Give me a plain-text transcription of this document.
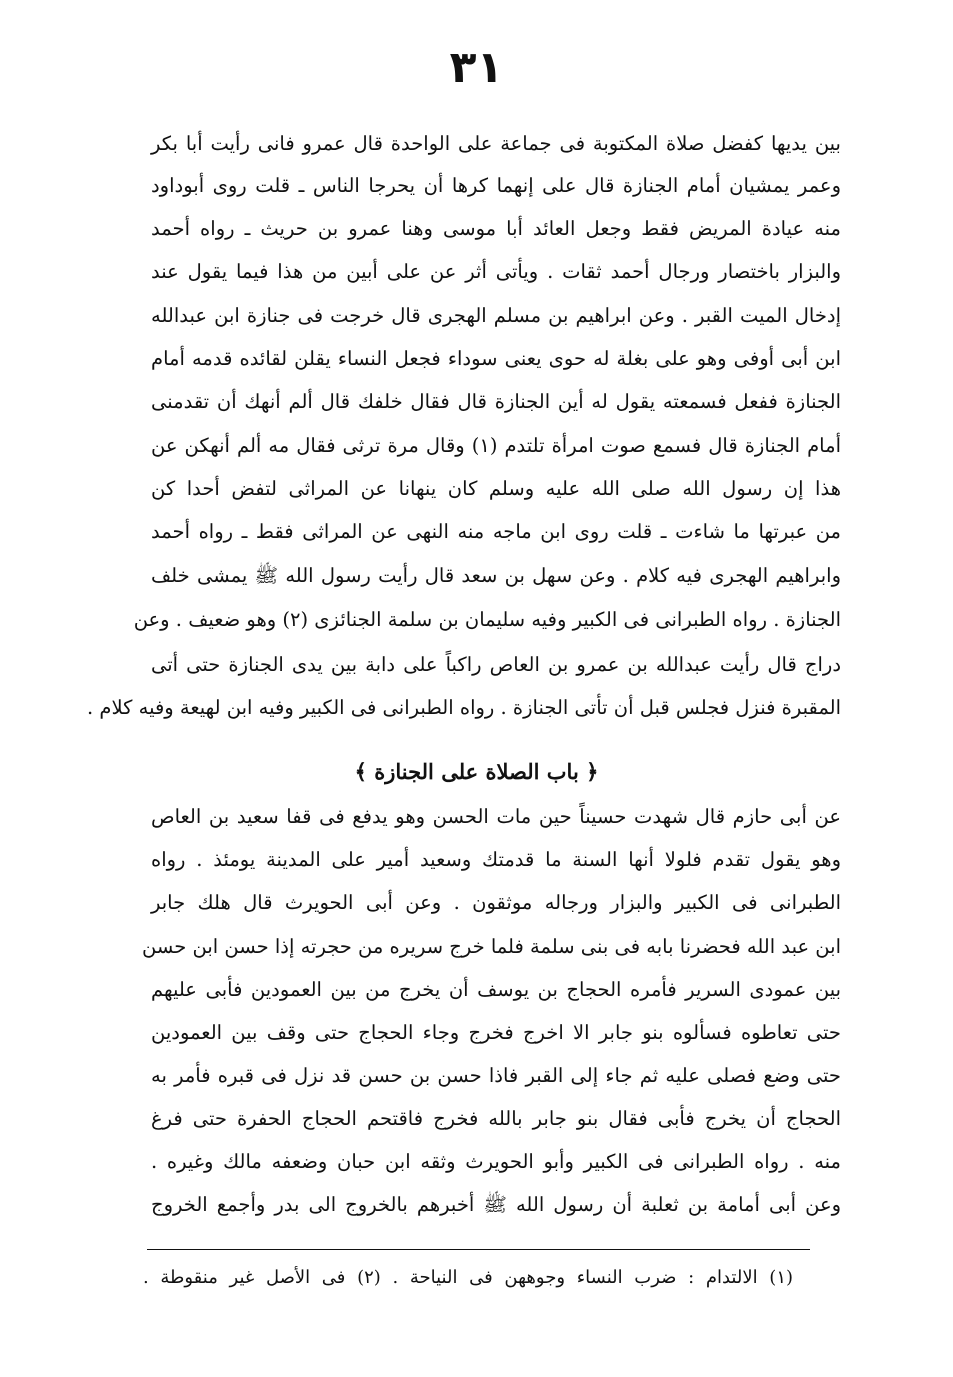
٣١
بين يديها كفضل صلاة المكتوبة فى جماعة على الواحدة قال عمرو فانى رأيت أبا بكر
وعمر يمشيان أمام الجنازة قال على إنهما كرها أن يحرجا الناس ـ قلت روى أبوداود
منه عيادة المريض فقط وجعل العائد أبا موسى وهنا عمرو بن حريث ـ رواه أحمد
والبزار باختصار ورجال أحمد ثقات . ويأتى أثر عن على أبين من هذا فيما يقول عند
إدخال الميت القبر . وعن ابراهيم بن مسلم الهجرى قال خرجت فى جنازة ابن عبدالله
ابن أبى أوفى وهو على بغلة له حوى يعنى سوداء فجعل النساء يقلن لقائده قدمه أمام
الجنازة ففعل فسمعته يقول له أين الجنازة قال فقال خلفك قال ألم أنهك أن تقدمنى
أمام الجنازة قال فسمع صوت امرأة تلتدم (١) وقال مرة ترثى فقال مه ألم أنهكن عن
هذا إن رسول الله صلى الله عليه وسلم كان ينهانا عن المراثى لتفض أحدا كن
من عبرتها ما شاءت ـ قلت روى ابن ماجه منه النهى عن المراثى فقط ـ رواه أحمد
وابراهيم الهجرى فيه كلام . وعن سهل بن سعد قال رأيت رسول الله ﷺ يمشى خلف
الجنازة . رواه الطبرانى فى الكبير وفيه سليمان بن سلمة الجنائزى (٢) وهو ضعيف . وعن
دراج قال رأيت عبدالله بن عمرو بن العاص راكباً على دابة بين يدى الجنازة حتى أتى
المقبرة فنزل فجلس قبل أن تأتى الجنازة . رواه الطبرانى فى الكبير وفيه ابن لهيعة وفيه كلام .
﴿ باب الصلاة على الجنازة ﴾
عن أبى حازم قال شهدت حسيناً حين مات الحسن وهو يدفع فى قفا سعيد بن العاص
وهو يقول تقدم فلولا أنها السنة ما قدمتك وسعيد أمير على المدينة يومئذ . رواه
الطبرانى فى الكبير والبزار ورجاله موثقون . وعن أبى الحويرث قال هلك جابر
ابن عبد الله فحضرنا بابه فى بنى سلمة فلما خرج سريره من حجرته إذا حسن ابن حسن
بين عمودى السرير فأمره الحجاج بن يوسف أن يخرج من بين العمودين فأبى عليهم
حتى تعاطوه فسألوه بنو جابر الا اخرج فخرج وجاء الحجاج حتى وقف بين العمودين
حتى وضع فصلى عليه ثم جاء إلى القبر فاذا حسن بن حسن قد نزل فى قبره فأمر به
الحجاج أن يخرج فأبى فقال بنو جابر بالله فخرج فاقتحم الحجاج الحفرة حتى فرغ
منه . رواه الطبرانى فى الكبير وأبو الحويرث وثقه ابن حبان وضعفه مالك وغيره .
وعن أبى أمامة بن ثعلبة أن رسول الله ﷺ أخبرهم بالخروج الى بدر وأجمع الخروج
(١) الالتدام : ضرب النساء وجوههن فى النياحة . (٢) فى الأصل غير منقوطة .
